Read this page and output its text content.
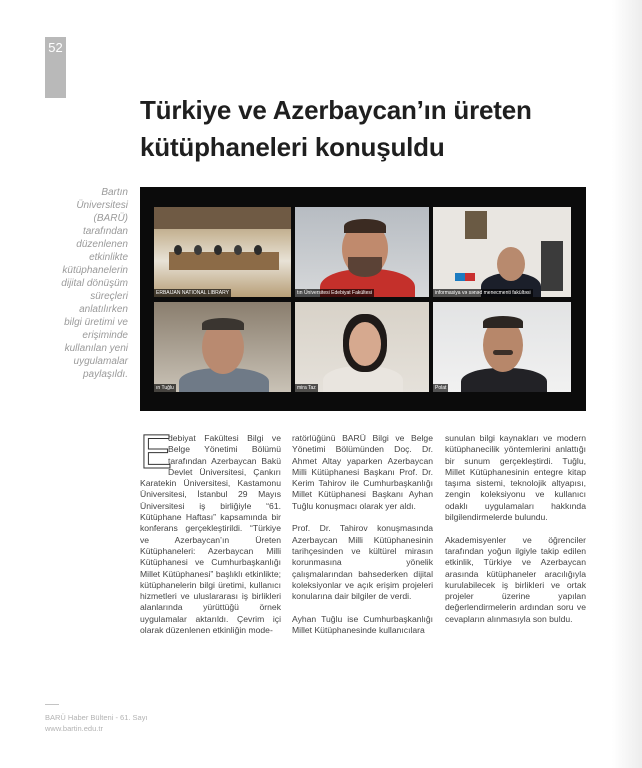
52
Türkiye ve Azerbaycan’ın üreten
kütüphaneleri konuşuldu
Bartın Üniversitesi (BARÜ) tarafından düzenlenen etkinlikte kütüphanelerin dijital dönüşüm süreçleri anlatılırken bilgi üretimi ve erişiminde kullanılan yeni uygulamalar paylaşıldı.
ERBAIJAN NATIONAL LIBRARY	tın Üniversitesi Edebiyat Fakültesi	informasiya və sənəd menecmenti fakültəsi
ın Tuğlu	mira Taz	Polat
E

debiyat Fakültesi Bilgi ve Belge Yönetimi Bölümü tarafından Azerbaycan Bakü Devlet Üniversitesi, Çankırı Karatekin Üniversitesi, Kastamonu Üniversitesi, İstanbul 29 Mayıs Üniversitesi iş birliğiyle “61. Kütüphane Haftası” kapsamında bir konferans gerçekleştirildi. “Türkiye ve Azerbaycan’ın Üreten Kütüphaneleri: Azerbaycan Milli Kütüphanesi ve Cumhurbaşkanlığı Millet Kütüphanesi” başlıklı etkinlikte; kütüphanelerin bilgi üretimi, kullanıcı hizmetleri ve uluslararası iş birlikleri alanlarında yürüttüğü örnek uygulamalar aktarıldı. Çevrim içi olarak düzenlenen etkinliğin mode-

ratörlüğünü BARÜ Bilgi ve Belge Yönetimi Bölümünden Doç. Dr. Ahmet Altay yaparken Azerbaycan Milli Kütüphanesi Başkanı Prof. Dr. Kerim Tahirov ile Cumhurbaşkanlığı Millet Kütüphanesi Başkanı Ayhan Tuğlu konuşmacı olarak yer aldı.

Prof. Dr. Tahirov konuşmasında Azerbaycan Milli Kütüphanesinin tarihçesinden ve kültürel mirasın korunmasına yönelik çalışmalarından bahsederken dijital koleksiyonlar ve açık erişim projeleri konularına dair bilgiler de verdi.

Ayhan Tuğlu ise Cumhurbaşkanlığı Millet Kütüphanesinde kullanıcılara

sunulan bilgi kaynakları ve modern kütüphanecilik yöntemlerini anlattığı bir sunum gerçekleştirdi. Tuğlu, Millet Kütüphanesinin entegre kitap taşıma sistemi, teknolojik altyapısı, zengin koleksiyonu ve kullanıcı odaklı uygulamaları hakkında bilgilendirmelerde bulundu.

Akademisyenler ve öğrenciler tarafından yoğun ilgiyle takip edilen etkinlik, Türkiye ve Azerbaycan arasında kütüphaneler aracılığıyla kurulabilecek iş birlikleri ve ortak projeler üzerine yapılan değerlendirmelerin ardından soru ve cevapların alınmasıyla son buldu.

BARÜ Haber Bülteni - 61. Sayı
www.bartin.edu.tr
